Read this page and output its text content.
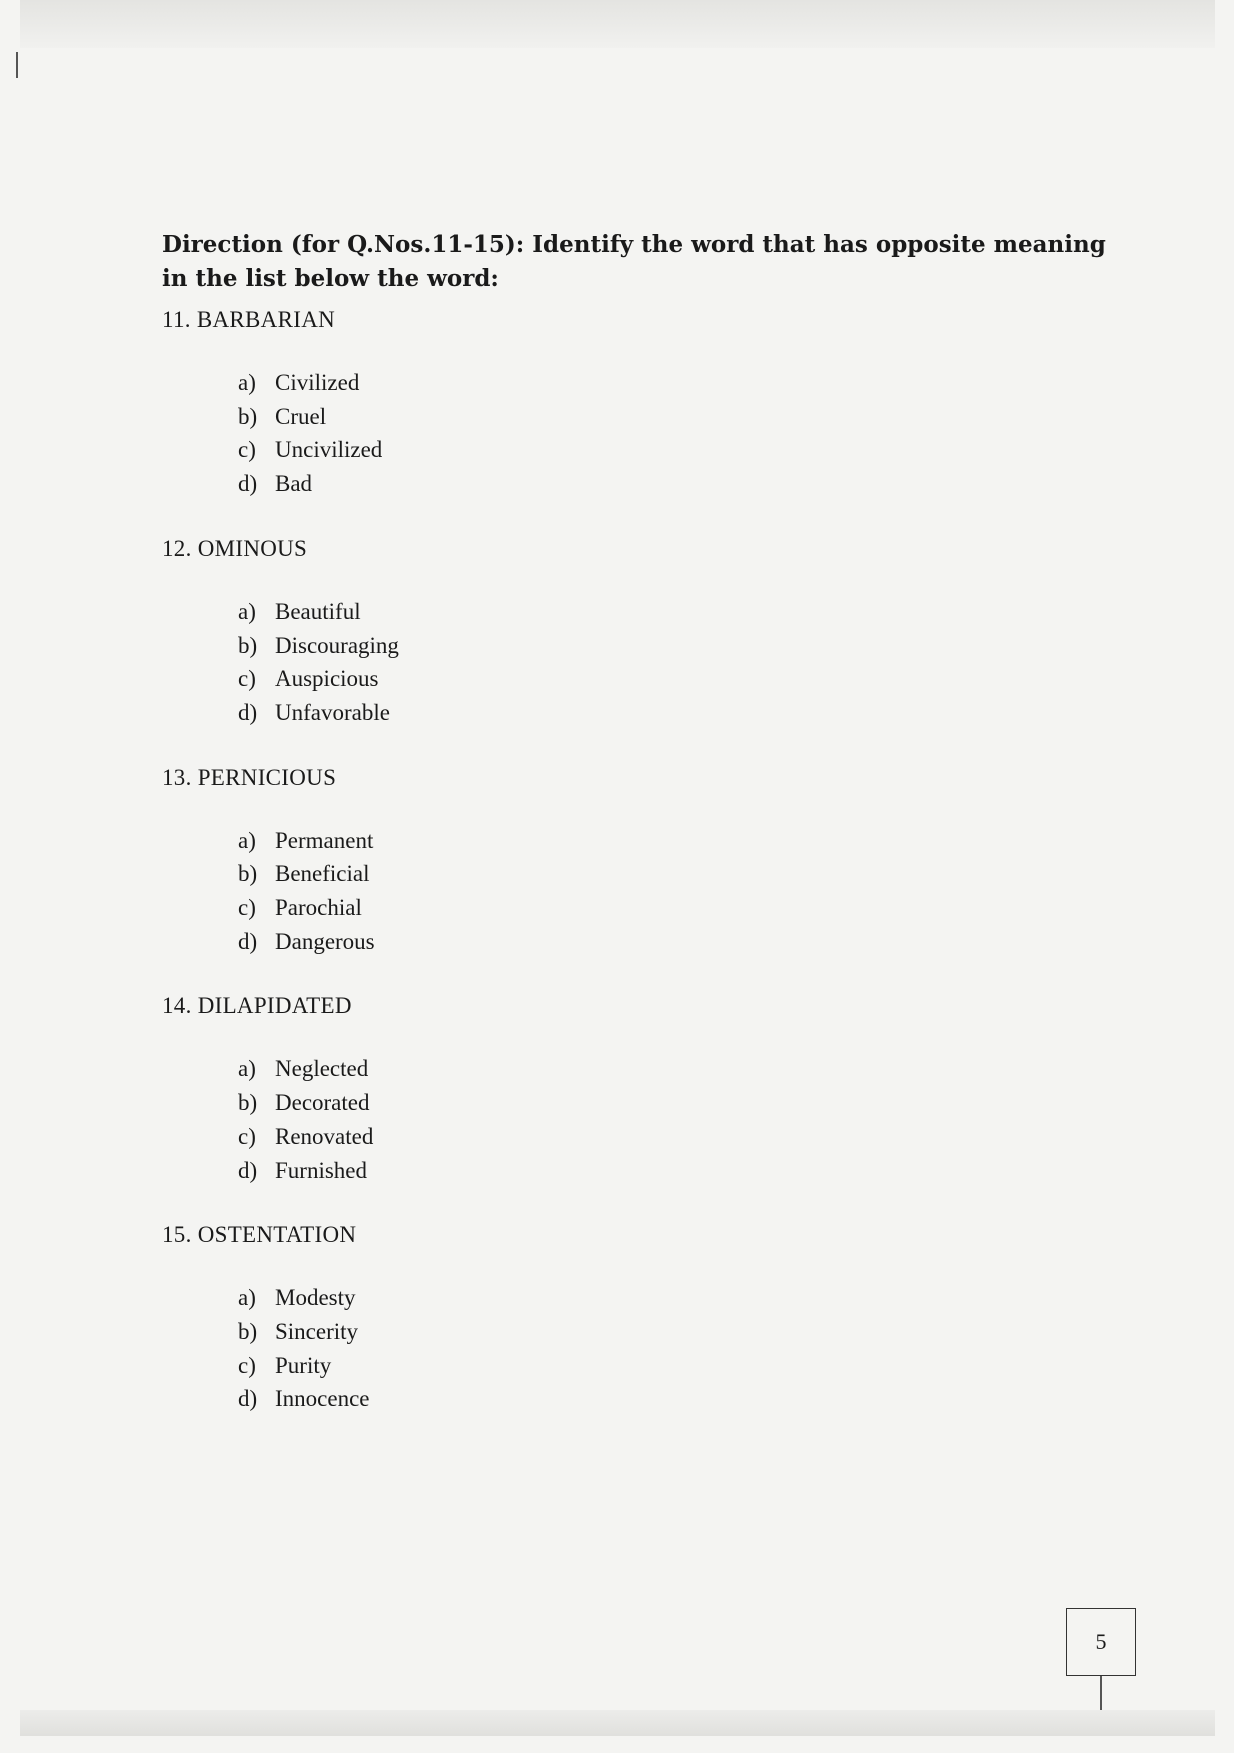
Direction (for Q.Nos.11-15): Identify the word that has opposite meaning in the list below the word:

11. BARBARIAN

a) Civilized
b) Cruel
c) Uncivilized
d) Bad

12. OMINOUS

a) Beautiful
b) Discouraging
c) Auspicious
d) Unfavorable

13. PERNICIOUS

a) Permanent
b) Beneficial
c) Parochial
d) Dangerous

14. DILAPIDATED

a) Neglected
b) Decorated
c) Renovated
d) Furnished

15. OSTENTATION

a) Modesty
b) Sincerity
c) Purity
d) Innocence
5
